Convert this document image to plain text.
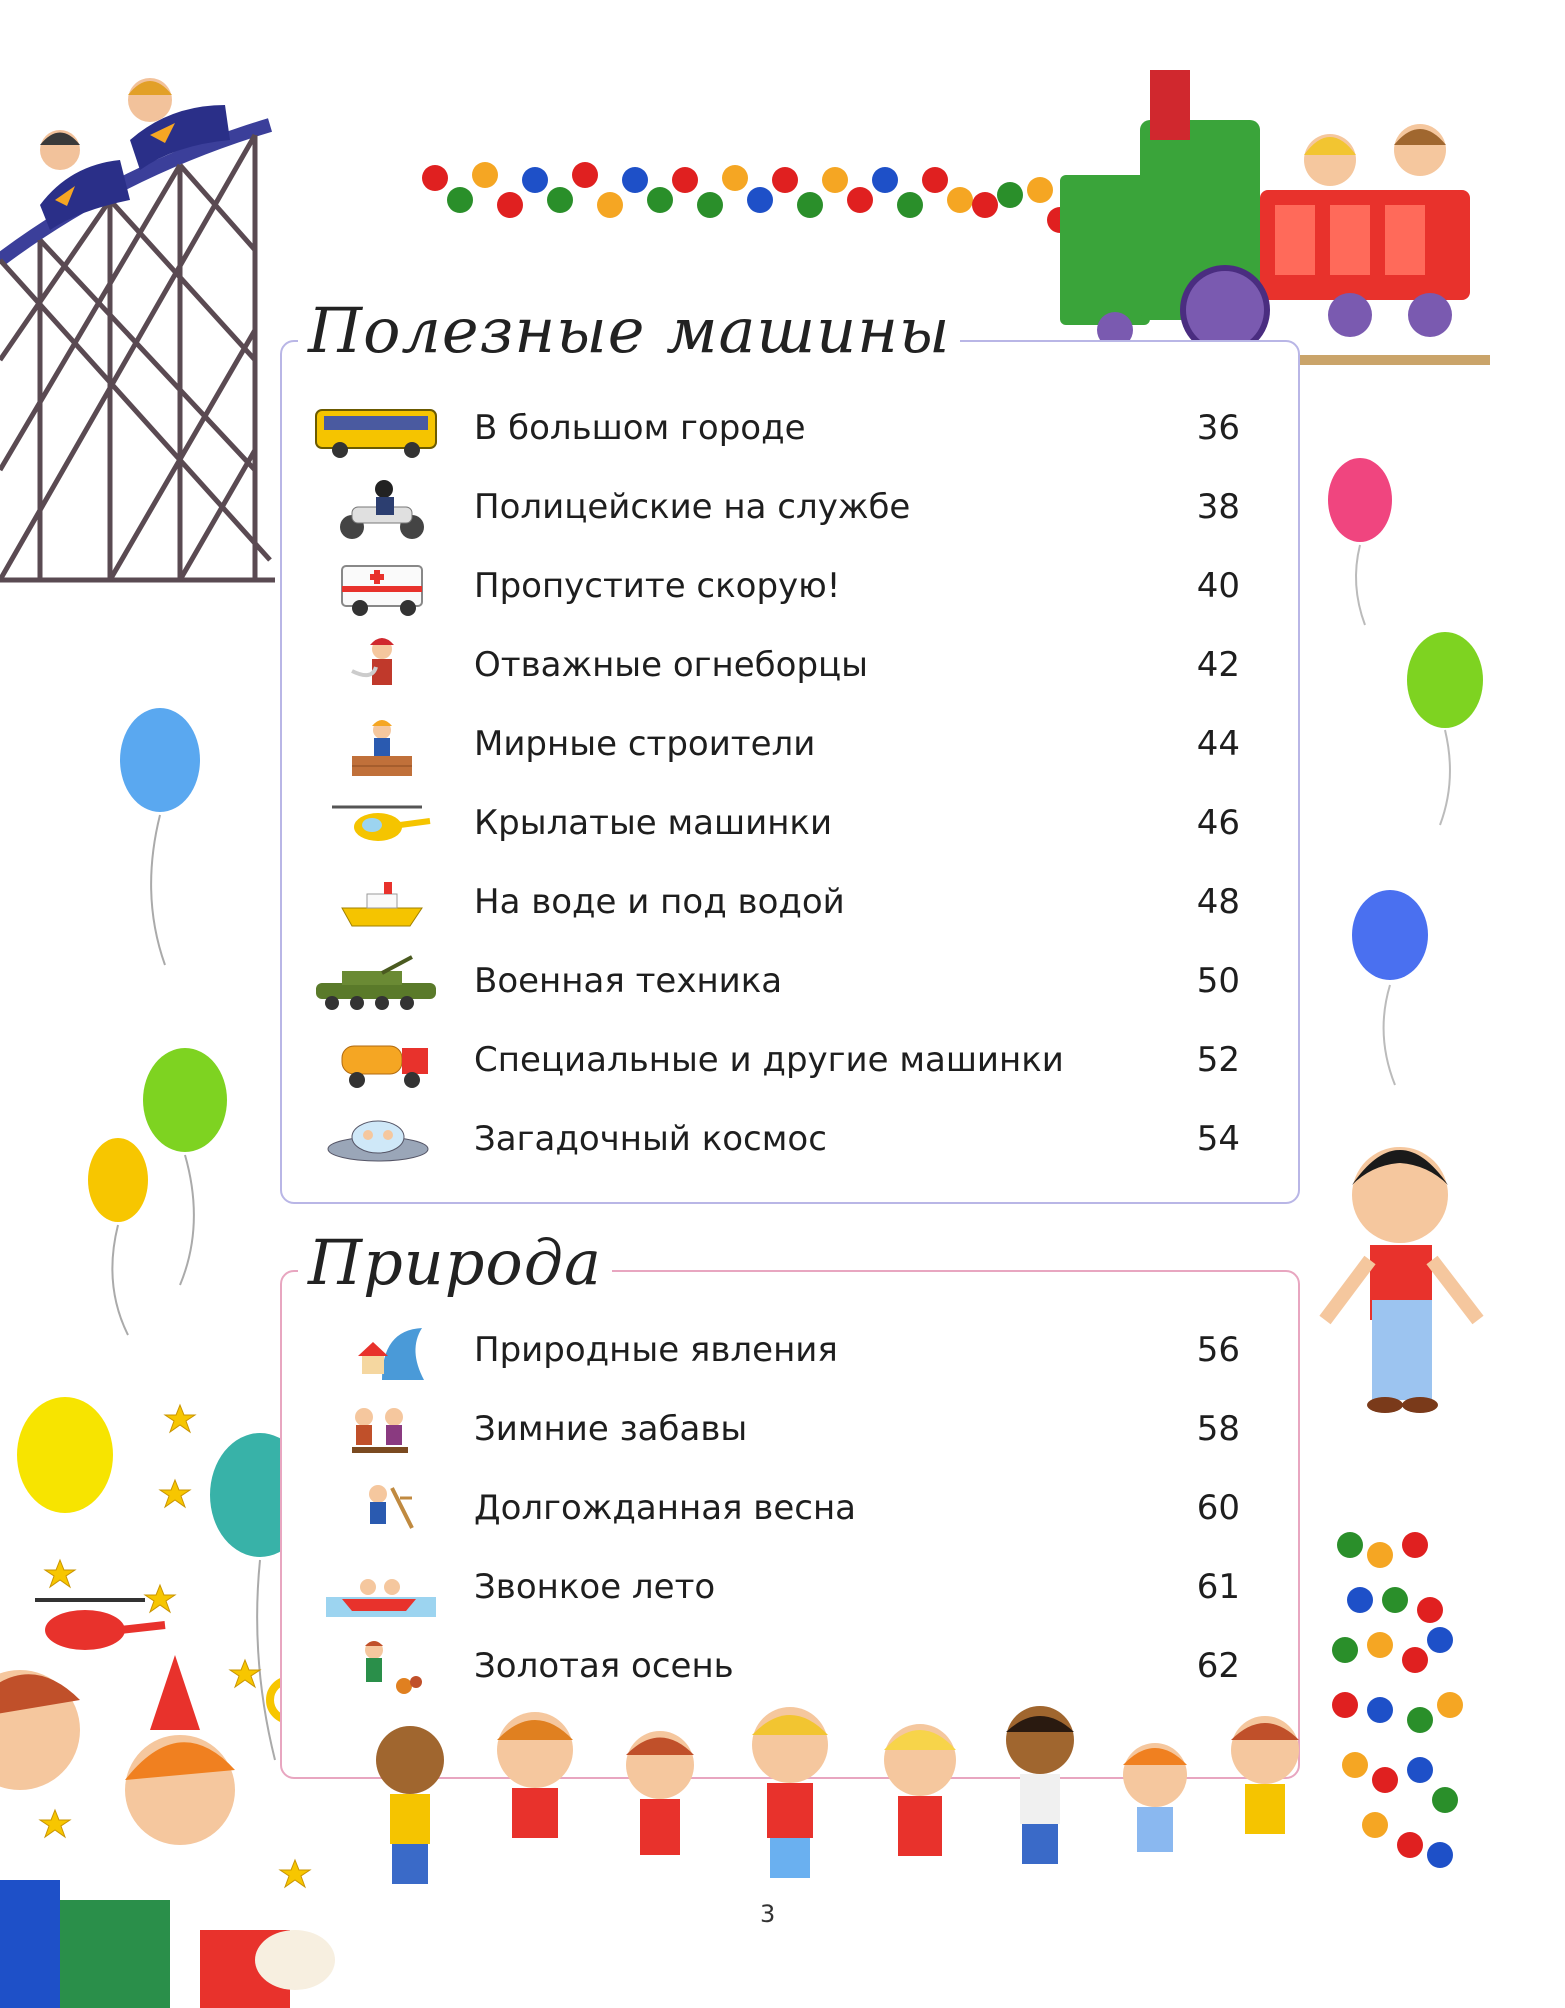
Полезные машины
Природа
В большом городе	36
Полицейские на службе	38
Пропустите скорую!	40
Отважные огнеборцы	42
Мирные строители	44
Крылатые машинки	46
На воде и под водой	48
Военная техника	50
Специальные и другие машинки	52
Загадочный космос	54
Природные явления	56
Зимние забавы	58
Долгожданная весна	60
Звонкое лето	61
Золотая осень	62
3
